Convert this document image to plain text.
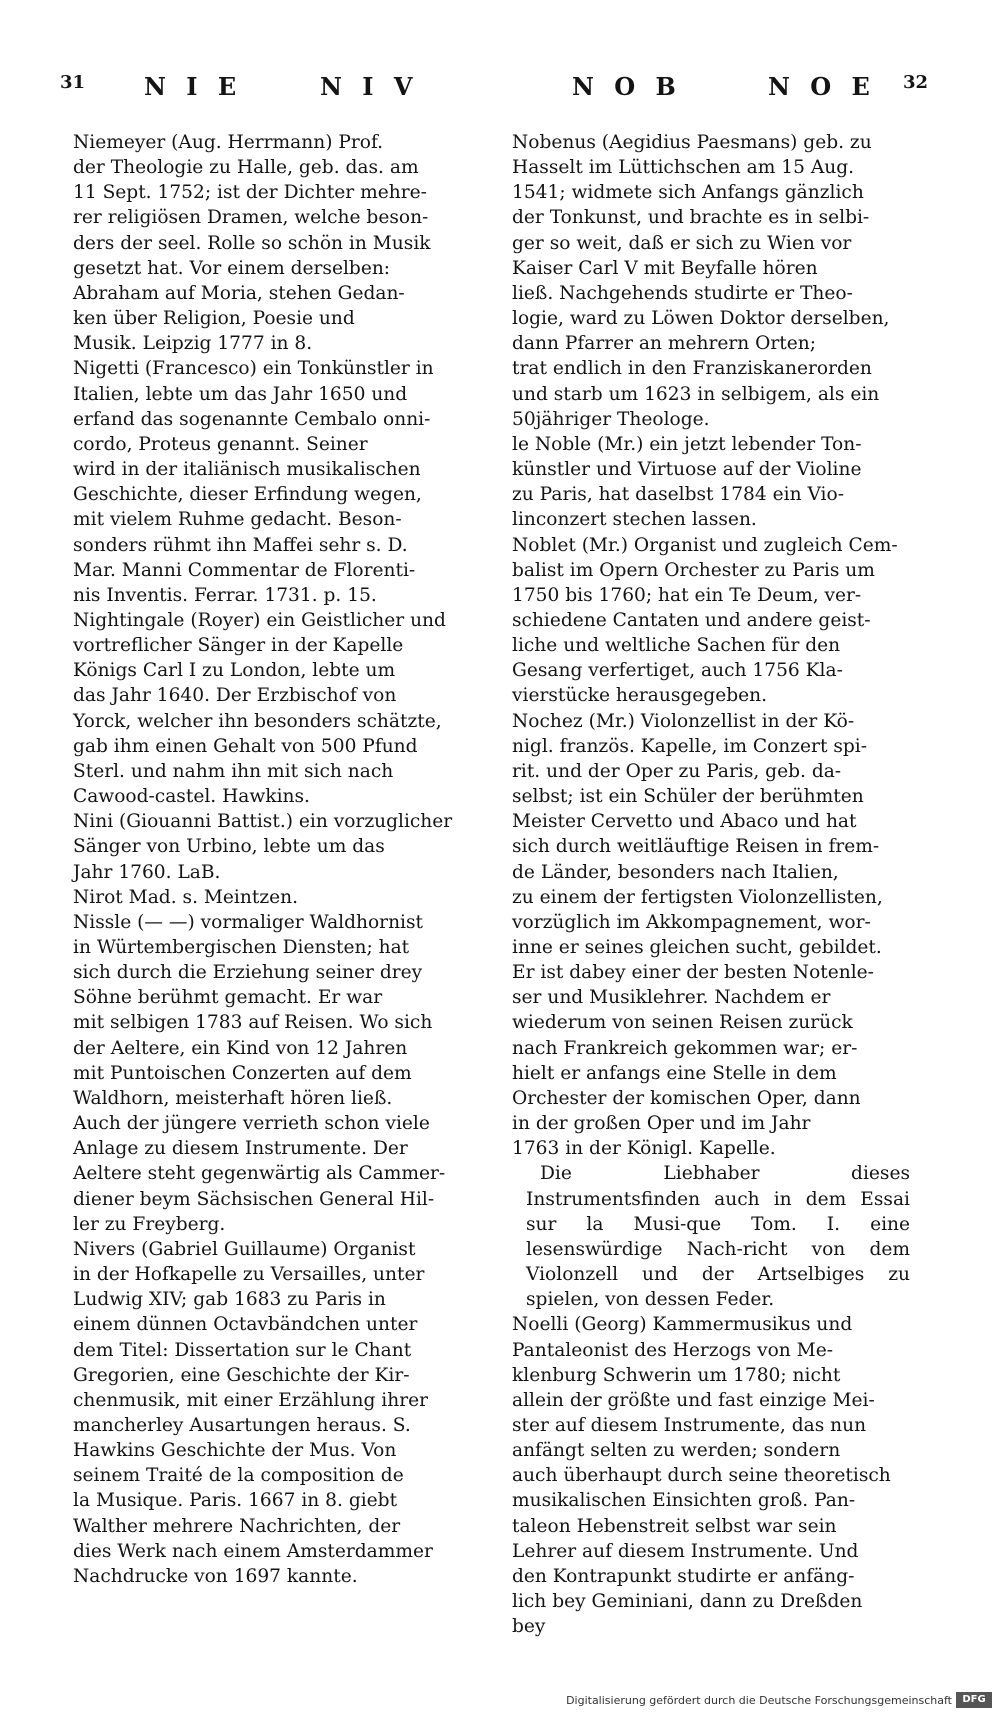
31 N I E	N I V	N O B	N O E 32

Niemeyer (Aug. Herrmann) Prof.
der Theologie zu Halle, geb. das. am
11 Sept. 1752; ist der Dichter mehre-
rer religiösen Dramen, welche beson-
ders der seel. Rolle so schön in Musik
gesetzt hat. Vor einem derselben:
Abraham auf Moria, stehen Gedan-
ken über Religion, Poesie und
Musik. Leipzig 1777 in 8.

Nigetti (Francesco) ein Tonkünstler in
Italien, lebte um das Jahr 1650 und
erfand das sogenannte Cembalo onni-
cordo, Proteus genannt. Seiner
wird in der italiänisch musikalischen
Geschichte, dieser Erfindung wegen,
mit vielem Ruhme gedacht. Beson-
sonders rühmt ihn Maffei sehr s. D.
Mar. Manni Commentar de Florenti-
nis Inventis. Ferrar. 1731. p. 15.

Nightingale (Royer) ein Geistlicher und
vortreflicher Sänger in der Kapelle
Königs Carl I zu London, lebte um
das Jahr 1640. Der Erzbischof von
Yorck, welcher ihn besonders schätzte,
gab ihm einen Gehalt von 500 Pfund
Sterl. und nahm ihn mit sich nach
Cawood-castel. Hawkins.

Nini (Giouanni Battist.) ein vorzuglicher
Sänger von Urbino, lebte um das
Jahr 1760. LaB.

Nirot Mad. s. Meintzen.

Nissle (— —) vormaliger Waldhornist
in Würtembergischen Diensten; hat
sich durch die Erziehung seiner drey
Söhne berühmt gemacht. Er war
mit selbigen 1783 auf Reisen. Wo sich
der Aeltere, ein Kind von 12 Jahren
mit Puntoischen Conzerten auf dem
Waldhorn, meisterhaft hören ließ.
Auch der jüngere verrieth schon viele
Anlage zu diesem Instrumente. Der
Aeltere steht gegenwärtig als Cammer-
diener beym Sächsischen General Hil-
ler zu Freyberg.

Nivers (Gabriel Guillaume) Organist
in der Hofkapelle zu Versailles, unter
Ludwig XIV; gab 1683 zu Paris in
einem dünnen Octavbändchen unter
dem Titel: Dissertation sur le Chant
Gregorien, eine Geschichte der Kir-
chenmusik, mit einer Erzählung ihrer
mancherley Ausartungen heraus. S.
Hawkins Geschichte der Mus. Von
seinem Traité de la composition de
la Musique. Paris. 1667 in 8. giebt
Walther mehrere Nachrichten, der
dies Werk nach einem Amsterdammer
Nachdrucke von 1697 kannte.

Nobenus (Aegidius Paesmans) geb. zu
Hasselt im Lüttichschen am 15 Aug.
1541; widmete sich Anfangs gänzlich
der Tonkunst, und brachte es in selbi-
ger so weit, daß er sich zu Wien vor
Kaiser Carl V mit Beyfalle hören
ließ. Nachgehends studirte er Theo-
logie, ward zu Löwen Doktor derselben,
dann Pfarrer an mehrern Orten;
trat endlich in den Franziskanerorden
und starb um 1623 in selbigem, als ein
50jähriger Theologe.

le Noble (Mr.) ein jetzt lebender Ton-
künstler und Virtuose auf der Violine
zu Paris, hat daselbst 1784 ein Vio-
linconzert stechen lassen.

Noblet (Mr.) Organist und zugleich Cem-
balist im Opern Orchester zu Paris um
1750 bis 1760; hat ein Te Deum, ver-
schiedene Cantaten und andere geist-
liche und weltliche Sachen für den
Gesang verfertiget, auch 1756 Kla-
vierstücke herausgegeben.

Nochez (Mr.) Violonzellist in der Kö-
nigl. französ. Kapelle, im Conzert spi-
rit. und der Oper zu Paris, geb. da-
selbst; ist ein Schüler der berühmten
Meister Cervetto und Abaco und hat
sich durch weitläuftige Reisen in frem-
de Länder, besonders nach Italien,
zu einem der fertigsten Violonzellisten,
vorzüglich im Akkompagnement, wor-
inne er seines gleichen sucht, gebildet.
Er ist dabey einer der besten Notenle-
ser und Musiklehrer. Nachdem er
wiederum von seinen Reisen zurück
nach Frankreich gekommen war; er-
hielt er anfangs eine Stelle in dem
Orchester der komischen Oper, dann
in der großen Oper und im Jahr
1763 in der Königl. Kapelle.

Die Liebhaber dieses Instrumentsfinden auch in dem Essai sur la Musi-que Tom. I. eine lesenswürdige Nach-richt von dem Violonzell und der Artselbiges zu spielen, von dessen Feder.

Noelli (Georg) Kammermusikus und
Pantaleonist des Herzogs von Me-
klenburg Schwerin um 1780; nicht
allein der größte und fast einzige Mei-
ster auf diesem Instrumente, das nun
anfängt selten zu werden; sondern
auch überhaupt durch seine theoretisch
musikalischen Einsichten groß. Pan-
taleon Hebenstreit selbst war sein
Lehrer auf diesem Instrumente. Und
den Kontrapunkt studirte er anfäng-
lich bey Geminiani, dann zu Dreßden
bey

Digitalisierung gefördert durch die Deutsche Forschungsgemeinschaft	DFG
